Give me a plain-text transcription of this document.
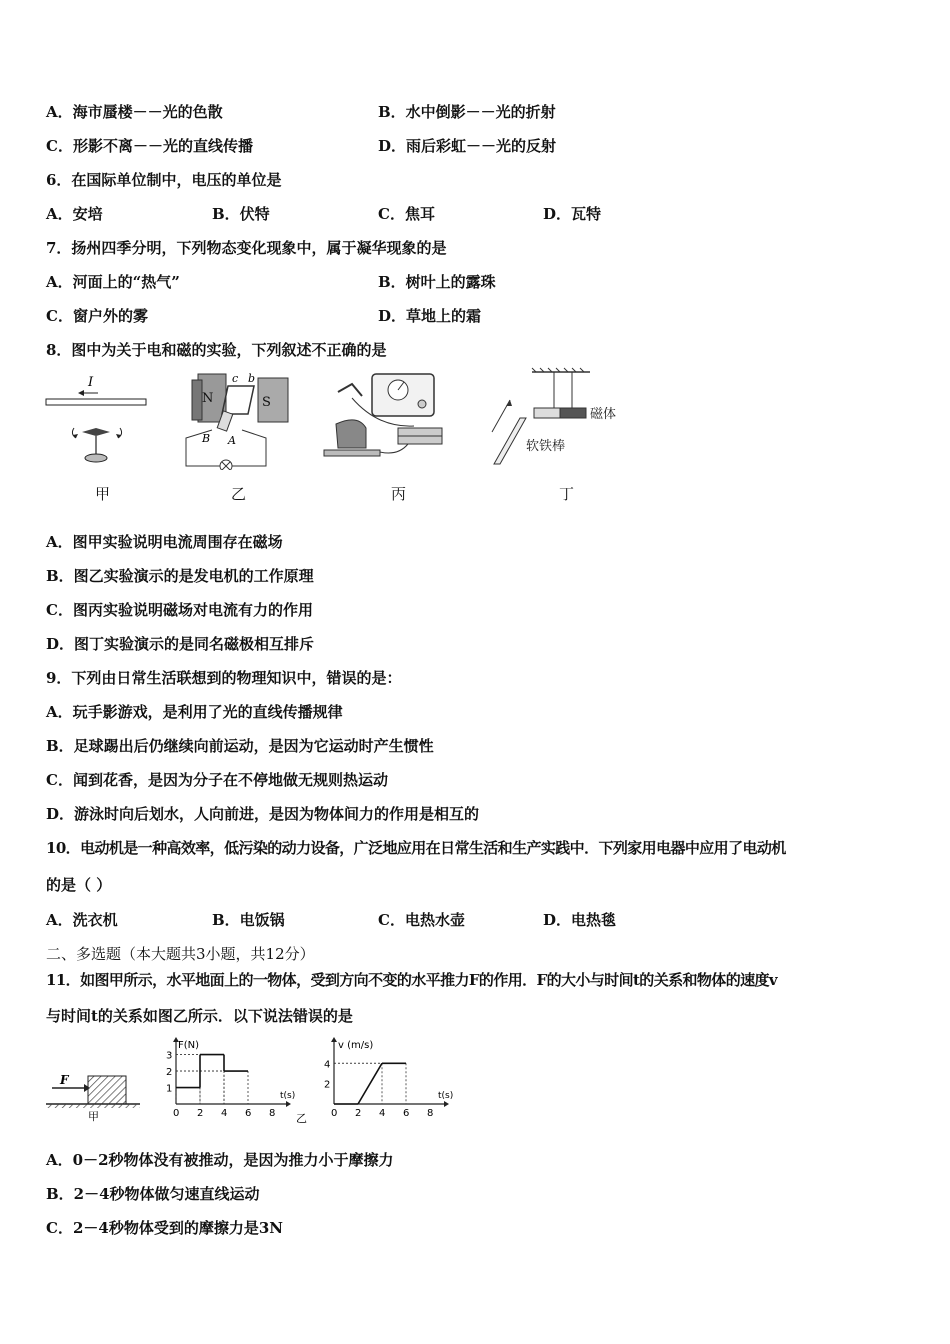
A．海市蜃楼－－光的色散	B．水中倒影－－光的折射
C．形影不离－－光的直线传播	D．雨后彩虹－－光的反射
6．在国际单位制中，电压的单位是
A．安培	B．伏特	C．焦耳	D．瓦特
7．扬州四季分明，下列物态变化现象中，属于凝华现象的是
A．河面上的“热气”	B．树叶上的露珠
C．窗户外的雾	D．草地上的霜
8．图中为关于电和磁的实验，下列叙述不正确的是
I
N	S
c b
B A
磁体
软铁棒
甲	乙	丙	丁
A．图甲实验说明电流周围存在磁场
B．图乙实验演示的是发电机的工作原理
C．图丙实验说明磁场对电流有力的作用
D．图丁实验演示的是同名磁极相互排斥
9．下列由日常生活联想到的物理知识中，错误的是：
A．玩手影游戏，是利用了光的直线传播规律
B．足球踢出后仍继续向前运动，是因为它运动时产生惯性
C．闻到花香，是因为分子在不停地做无规则热运动
D．游泳时向后划水，人向前进，是因为物体间力的作用是相互的
10．电动机是一种高效率，低污染的动力设备，广泛地应用在日常生活和生产实践中．下列家用电器中应用了电动机
的是（ ）
A．洗衣机	B．电饭锅	C．电热水壶	D．电热毯
二、多选题（本大题共3小题，共12分）
11．如图甲所示，水平地面上的一物体，受到方向不变的水平推力F的作用．F的大小与时间t的关系和物体的速度v
与时间t的关系如图乙所示．以下说法错误的是
F
甲
F(N)
t(s)
0 2 4 6 8
1
2
3
乙
v (m/s)
t(s)
0 2 4 6 8
2
4
A．0－2秒物体没有被推动，是因为推力小于摩擦力
B．2－4秒物体做匀速直线运动
C．2－4秒物体受到的摩擦力是3N
